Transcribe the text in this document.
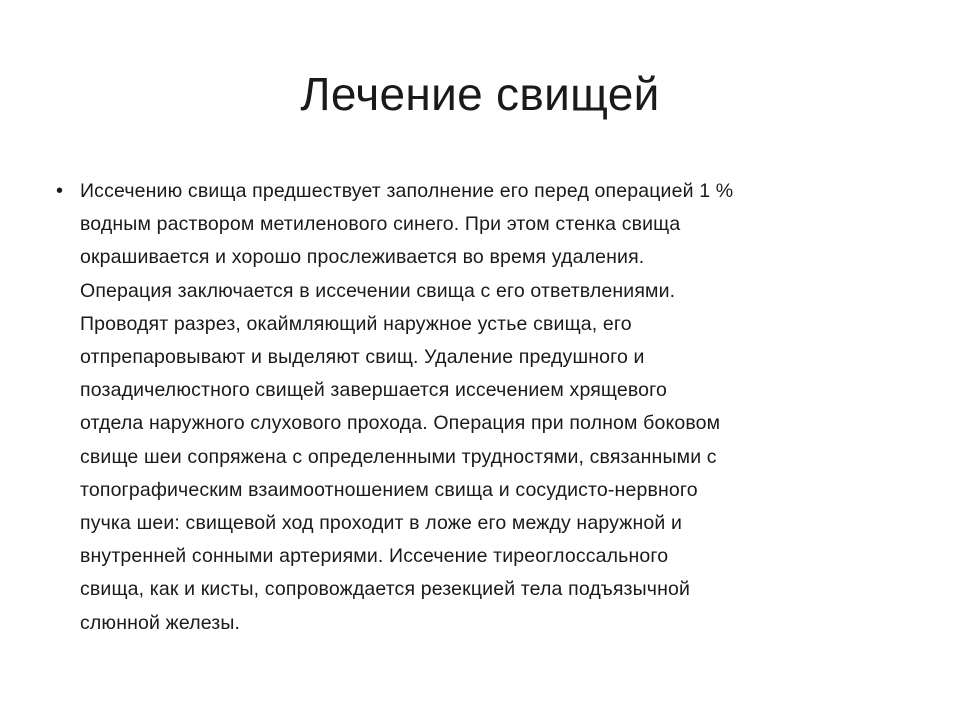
Лечение свищей
• Иссечению свища предшествует заполнение его перед операцией 1 %
водным раствором метиленового синего. При этом стенка свища
окрашивается и хорошо прослеживается во время удаления.
Операция заключается в иссечении свища с его ответвлениями.
Проводят разрез, окаймляющий наружное устье свища, его
отпрепаровывают и выделяют свищ. Удаление предушного и
позадичелюстного свищей завершается иссечением хрящевого
отдела наружного слухового прохода. Операция при полном боковом
свище шеи сопряжена с определенными трудностями, связанными с
топографическим взаимоотношением свища и сосудисто-нервного
пучка шеи: свищевой ход проходит в ложе его между наружной и
внутренней сонными артериями. Иссечение тиреоглоссального
свища, как и кисты, сопровождается резекцией тела подъязычной
слюнной железы.
